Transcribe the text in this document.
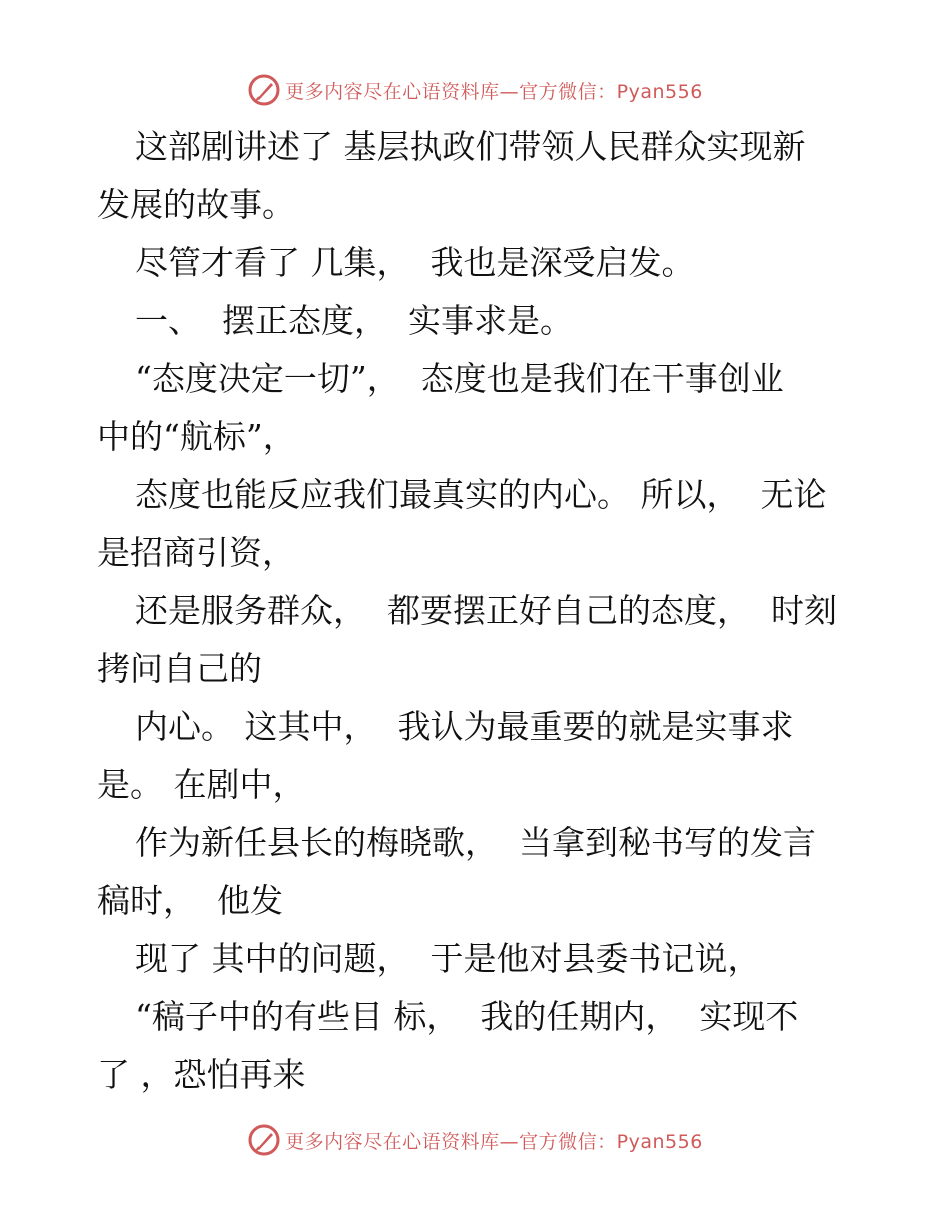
更多内容尽在心语资料库—官方微信：Pyan556
这部剧讲述了 基层执政们带领人民群众实现新
发展的故事。
尽管才看了 几集，  我也是深受启发。
一、  摆正态度，  实事求是。
“态度决定一切”，  态度也是我们在干事创业
中的“航标”，
态度也能反应我们最真实的内心。 所以，  无论
是招商引资，
还是服务群众，  都要摆正好自己的态度，  时刻
拷问自己的
内心。 这其中，  我认为最重要的就是实事求
是。 在剧中，
作为新任县长的梅晓歌，  当拿到秘书写的发言
稿时，  他发
现了 其中的问题，  于是他对县委书记说，
“稿子中的有些目 标，  我的任期内，  实现不
了 ，恐怕再来
更多内容尽在心语资料库—官方微信：Pyan556
